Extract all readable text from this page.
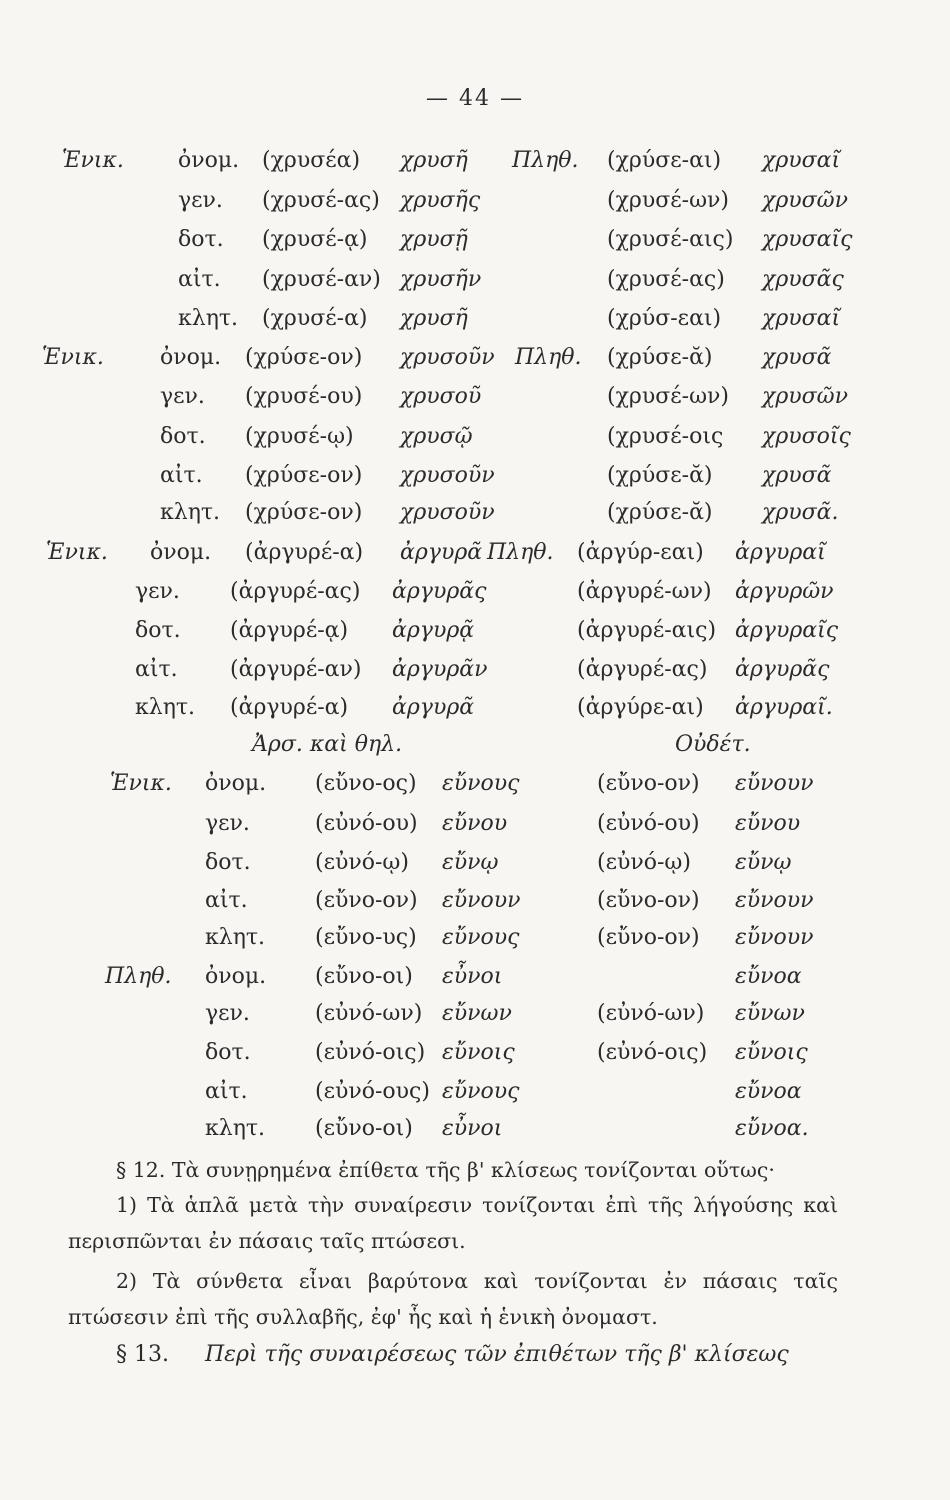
— 44 —
Ἑνικ. ὀνομ. (χρυσέα) χρυσῆ Πληθ. (χρύσε-αι) χρυσαῖ
γεν. (χρυσέ-ας) χρυσῆς	(χρυσέ-ων) χρυσῶν
δοτ. (χρυσέ-ᾳ) χρυσῇ	(χρυσέ-αις) χρυσαῖς
αἰτ. (χρυσέ-αν) χρυσῆν	(χρυσέ-ας) χρυσᾶς
κλητ. (χρυσέ-α) χρυσῆ	(χρύσ-εαι) χρυσαῖ
Ἑνικ.	ὀνομ. (χρύσε-ον) χρυσοῦν Πληθ. (χρύσε-ᾰ) χρυσᾶ
γεν. (χρυσέ-ου) χρυσοῦ	(χρυσέ-ων) χρυσῶν
δοτ. (χρυσέ-ῳ) χρυσῷ	(χρυσέ-οις χρυσοῖς
αἰτ. (χρύσε-ον) χρυσοῦν	(χρύσε-ᾰ) χρυσᾶ
κλητ. (χρύσε-ον) χρυσοῦν	(χρύσε-ᾰ) χρυσᾶ.
Ἑνικ. ὀνομ. (ἀργυρέ-α) ἀργυρᾶ Πληθ. (ἀργύρ-εαι) ἀργυραῖ
γεν. (ἀργυρέ-ας) ἀργυρᾶς	(ἀργυρέ-ων) ἀργυρῶν
δοτ. (ἀργυρέ-ᾳ) ἀργυρᾷ	(ἀργυρέ-αις) ἀργυραῖς
αἰτ. (ἀργυρέ-αν) ἀργυρᾶν	(ἀργυρέ-ας) ἀργυρᾶς
κλητ. (ἀργυρέ-α) ἀργυρᾶ	(ἀργύρε-αι) ἀργυραῖ.
Ἀρσ. καὶ θηλ.	Οὐδέτ.
Ἑνικ. ὀνομ. (εὔνο-ος) εὔνους	(εὔνο-ον) εὔνουν
γεν.	(εὐνό-ου) εὔνου	(εὐνό-ου) εὔνου
δοτ.	(εὐνό-ῳ) εὔνῳ	(εὐνό-ῳ) εὔνῳ
αἰτ.	(εὔνο-ον) εὔνουν	(εὔνο-ον) εὔνουν
κλητ. (εὔνο-υς) εὔνους	(εὔνο-ον) εὔνουν
Πληθ. ὀνομ. (εὔνο-οι) εὖνοι	εὔνοα
γεν.	(εὐνό-ων) εὔνων	(εὐνό-ων) εὔνων
δοτ.	(εὐνό-οις) εὔνοις	(εὐνό-οις) εὔνοις
αἰτ.	(εὐνό-ους) εὔνους	εὔνοα
κλητ. (εὔνο-οι) εὖνοι	εὔνοα.
§ 12. Τὰ συνῃρημένα ἐπίθετα τῆς β' κλίσεως τονίζονται οὕτως·
1) Τὰ ἁπλᾶ μετὰ τὴν συναίρεσιν τονίζονται ἐπὶ τῆς λήγούσης καὶ περισπῶνται ἐν πάσαις ταῖς πτώσεσι.
2) Τὰ σύνθετα εἶναι βαρύτονα καὶ τονίζονται ἐν πάσαις ταῖς πτώσεσιν ἐπὶ τῆς συλλαβῆς, ἐφ' ἧς καὶ ἡ ἑνικὴ ὀνομαστ.
§ 13. Περὶ τῆς συναιρέσεως τῶν ἐπιθέτων τῆς β' κλίσεως
